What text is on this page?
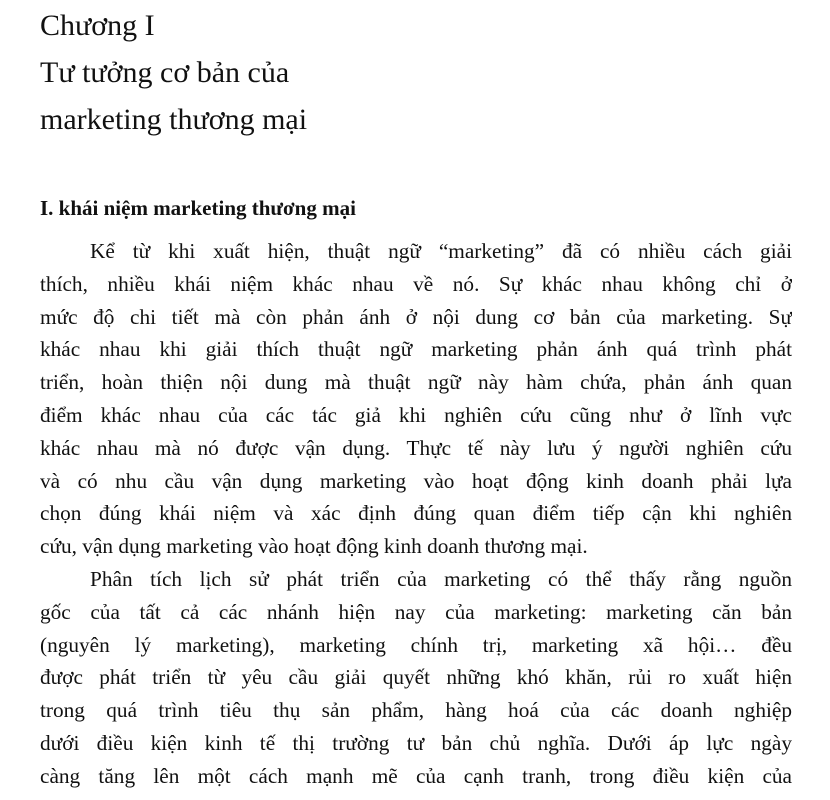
Chương I
Tư tưởng cơ bản của
marketing thương mại
I. khái niệm marketing thương mại
Kể từ khi xuất hiện, thuật ngữ “marketing” đã có nhiều cách giải
thích, nhiều khái niệm khác nhau về nó. Sự khác nhau không chỉ ở
mức độ chi tiết mà còn phản ánh ở nội dung cơ bản của marketing. Sự
khác nhau khi giải thích thuật ngữ marketing phản ánh quá trình phát
triển, hoàn thiện nội dung mà thuật ngữ này hàm chứa, phản ánh quan
điểm khác nhau của các tác giả khi nghiên cứu cũng như ở lĩnh vực
khác nhau mà nó được vận dụng. Thực tế này lưu ý người nghiên cứu
và có nhu cầu vận dụng marketing vào hoạt động kinh doanh phải lựa
chọn đúng khái niệm và xác định đúng quan điểm tiếp cận khi nghiên
cứu, vận dụng marketing vào hoạt động kinh doanh thương mại.
Phân tích lịch sử phát triển của marketing có thể thấy rằng nguồn
gốc của tất cả các nhánh hiện nay của marketing: marketing căn bản
(nguyên lý marketing), marketing chính trị, marketing xã hội… đều
được phát triển từ yêu cầu giải quyết những khó khăn, rủi ro xuất hiện
trong quá trình tiêu thụ sản phẩm, hàng hoá của các doanh nghiệp
dưới điều kiện kinh tế thị trường tư bản chủ nghĩa. Dưới áp lực ngày
càng tăng lên một cách mạnh mẽ của cạnh tranh, trong điều kiện của
